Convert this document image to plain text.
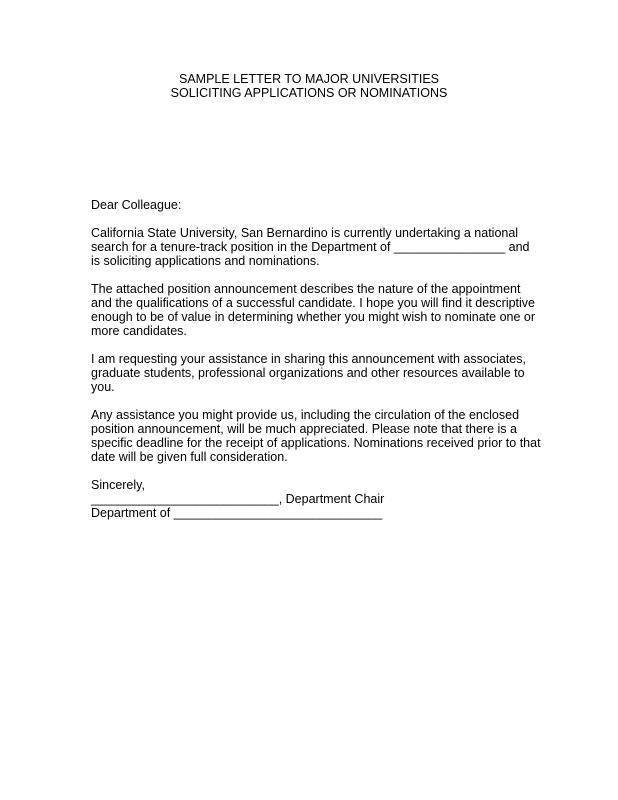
SAMPLE LETTER TO MAJOR UNIVERSITIES
SOLICITING APPLICATIONS OR NOMINATIONS
Dear Colleague:
California State University, San Bernardino is currently undertaking a national
search for a tenure-track position in the Department of ________________ and
is soliciting applications and nominations.
The attached position announcement describes the nature of the appointment
and the qualifications of a successful candidate. I hope you will find it descriptive
enough to be of value in determining whether you might wish to nominate one or
more candidates.
I am requesting your assistance in sharing this announcement with associates,
graduate students, professional organizations and other resources available to
you.
Any assistance you might provide us, including the circulation of the enclosed
position announcement, will be much appreciated. Please note that there is a
specific deadline for the receipt of applications. Nominations received prior to that
date will be given full consideration.
Sincerely,
___________________________, Department Chair
Department of ______________________________
